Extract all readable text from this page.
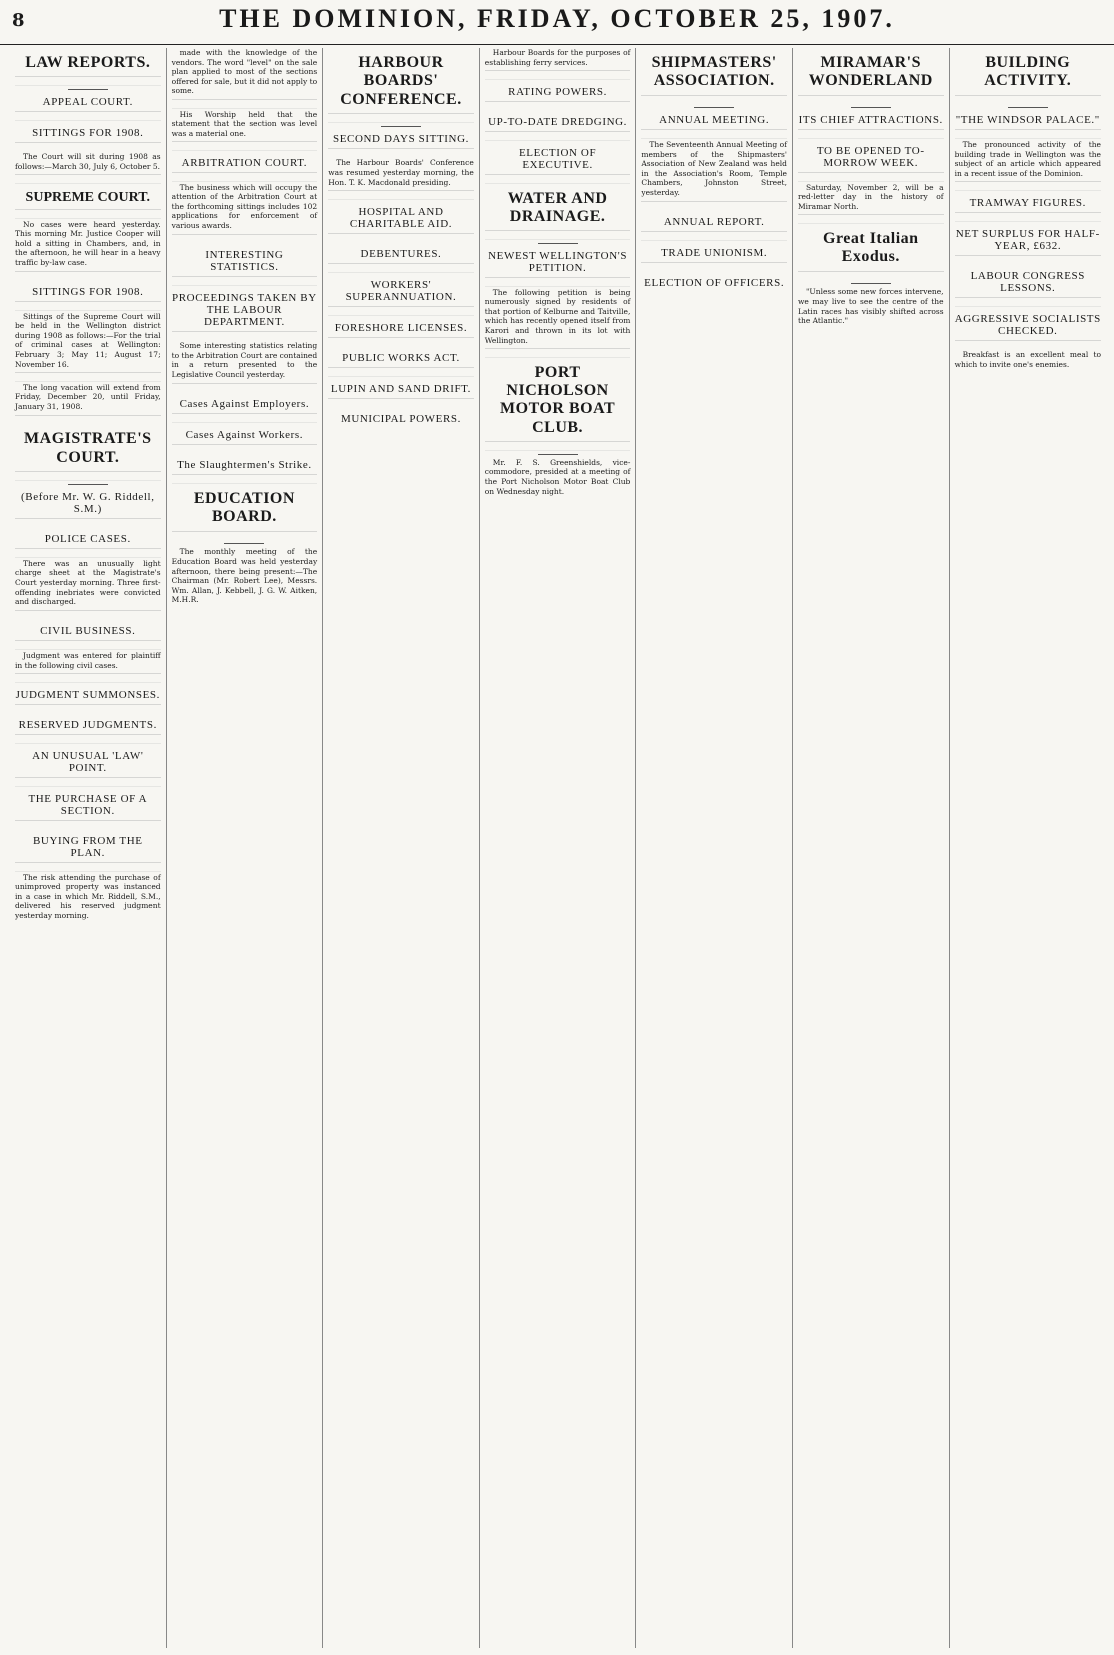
8	THE DOMINION, FRIDAY, OCTOBER 25, 1907.
LAW REPORTS.
APPEAL COURT.
SITTINGS FOR 1908.

The Court will sit during 1908 as follows:—March 30, July 6, October 5.

SUPREME COURT.

No cases were heard yesterday. This morning Mr. Justice Cooper will hold a sitting in Chambers, and, in the afternoon, he will hear in a heavy traffic by-law case.

SITTINGS FOR 1908.

Sittings of the Supreme Court will be held in the Wellington district during 1908 as follows:—For the trial of criminal cases at Wellington: February 3; May 11; August 17; November 16.

The long vacation will extend from Friday, December 20, until Friday, January 31, 1908.

MAGISTRATE'S COURT.
(Before Mr. W. G. Riddell, S.M.)
POLICE CASES.

There was an unusually light charge sheet at the Magistrate's Court yesterday morning. Three first-offending inebriates were convicted and discharged.

CIVIL BUSINESS.

Judgment was entered for plaintiff in the following civil cases.

JUDGMENT SUMMONSES.
RESERVED JUDGMENTS.
AN UNUSUAL 'LAW' POINT.
THE PURCHASE OF A SECTION.
BUYING FROM THE PLAN.

The risk attending the purchase of unimproved property was instanced in a case in which Mr. Riddell, S.M., delivered his reserved judgment yesterday morning.

made with the knowledge of the vendors. The word "level" on the sale plan applied to most of the sections offered for sale, but it did not apply to some.

His Worship held that the statement that the section was level was a material one.

ARBITRATION COURT.

The business which will occupy the attention of the Arbitration Court at the forthcoming sittings includes 102 applications for enforcement of various awards.

INTERESTING STATISTICS.
PROCEEDINGS TAKEN BY THE LABOUR DEPARTMENT.

Some interesting statistics relating to the Arbitration Court are contained in a return presented to the Legislative Council yesterday.

Cases Against Employers.
Cases Against Workers.
The Slaughtermen's Strike.
EDUCATION BOARD.

The monthly meeting of the Education Board was held yesterday afternoon, there being present:—The Chairman (Mr. Robert Lee), Messrs. Wm. Allan, J. Kebbell, J. G. W. Aitken, M.H.R.

HARBOUR BOARDS' CONFERENCE.
SECOND DAYS SITTING.

The Harbour Boards' Conference was resumed yesterday morning, the Hon. T. K. Macdonald presiding.

HOSPITAL AND CHARITABLE AID.
DEBENTURES.
WORKERS' SUPERANNUATION.
FORESHORE LICENSES.
PUBLIC WORKS ACT.
LUPIN AND SAND DRIFT.
MUNICIPAL POWERS.

Harbour Boards for the purposes of establishing ferry services.

RATING POWERS.
UP-TO-DATE DREDGING.
ELECTION OF EXECUTIVE.
WATER AND DRAINAGE.
NEWEST WELLINGTON'S PETITION.

The following petition is being numerously signed by residents of that portion of Kelburne and Taitville, which has recently opened itself from Karori and thrown in its lot with Wellington.

PORT NICHOLSON MOTOR BOAT CLUB.

Mr. F. S. Greenshields, vice-commodore, presided at a meeting of the Port Nicholson Motor Boat Club on Wednesday night.

SHIPMASTERS' ASSOCIATION.
ANNUAL MEETING.

The Seventeenth Annual Meeting of members of the Shipmasters' Association of New Zealand was held in the Association's Room, Temple Chambers, Johnston Street, yesterday.

ANNUAL REPORT.
TRADE UNIONISM.
ELECTION OF OFFICERS.
MIRAMAR'S WONDERLAND
ITS CHIEF ATTRACTIONS.
TO BE OPENED TO-MORROW WEEK.

Saturday, November 2, will be a red-letter day in the history of Miramar North.

Great Italian Exodus.

"Unless some new forces intervene, we may live to see the centre of the Latin races has visibly shifted across the Atlantic."

BUILDING ACTIVITY.
"THE WINDSOR PALACE."

The pronounced activity of the building trade in Wellington was the subject of an article which appeared in a recent issue of the Dominion.

TRAMWAY FIGURES.
NET SURPLUS FOR HALF-YEAR, £632.
LABOUR CONGRESS LESSONS.
AGGRESSIVE SOCIALISTS CHECKED.

Breakfast is an excellent meal to which to invite one's enemies.
